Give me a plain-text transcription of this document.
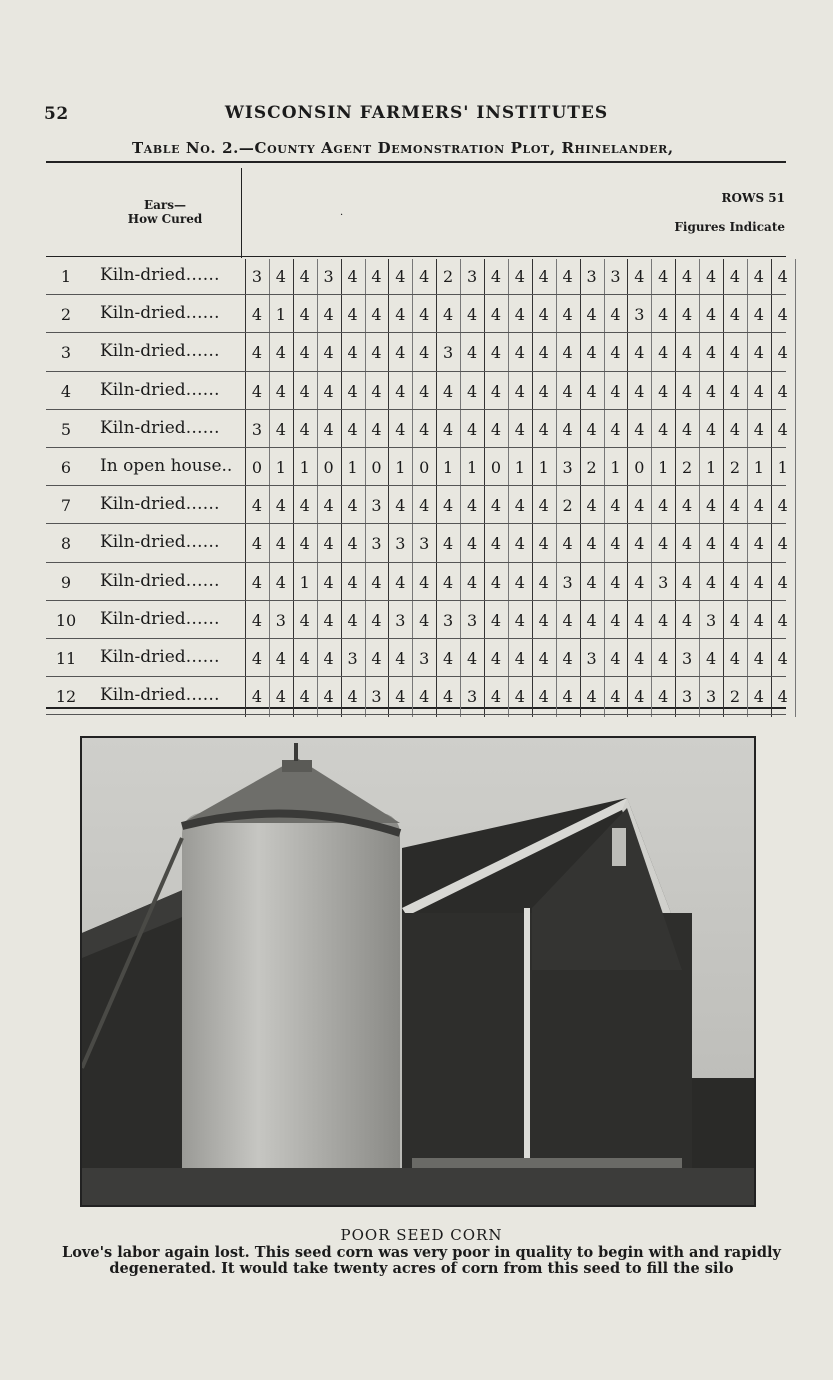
52	WISCONSIN FARMERS' INSTITUTES
Table No. 2.—County Agent Demonstration Plot, Rhinelander,
Ears—
How Cured	·
ROWS 51
Figures Indicate
1	Kiln-dried……	3 4 4 3 4 4 4 4 2 3 4 4 4 4 3 3 4 4 4 4 4 4 4
2	Kiln-dried……	4 1 4 4 4 4 4 4 4 4 4 4 4 4 4 4 3 4 4 4 4 4 4
3	Kiln-dried……	4 4 4 4 4 4 4 4 3 4 4 4 4 4 4 4 4 4 4 4 4 4 4
4	Kiln-dried……	4 4 4 4 4 4 4 4 4 4 4 4 4 4 4 4 4 4 4 4 4 4 4
5	Kiln-dried……	3 4 4 4 4 4 4 4 4 4 4 4 4 4 4 4 4 4 4 4 4 4 4
6	In open house..	0 1 1 0 1 0 1 0 1 1 0 1 1 3 2 1 0 1 2 1 2 1 1
7	Kiln-dried……	4 4 4 4 4 3 4 4 4 4 4 4 4 2 4 4 4 4 4 4 4 4 4
8	Kiln-dried……	4 4 4 4 4 3 3 3 4 4 4 4 4 4 4 4 4 4 4 4 4 4 4
9	Kiln-dried……	4 4 1 4 4 4 4 4 4 4 4 4 4 3 4 4 4 3 4 4 4 4 4
10	Kiln-dried……	4 3 4 4 4 4 3 4 3 3 4 4 4 4 4 4 4 4 4 3 4 4 4
11	Kiln-dried……	4 4 4 4 3 4 4 3 4 4 4 4 4 4 3 4 4 4 3 4 4 4 4
12	Kiln-dried……	4 4 4 4 4 3 4 4 4 3 4 4 4 4 4 4 4 4 3 3 2 4 4
POOR SEED CORN
Love's labor again lost. This seed corn was very poor in quality to begin with and rapidly degenerated. It would take twenty acres of corn from this seed to fill the silo
